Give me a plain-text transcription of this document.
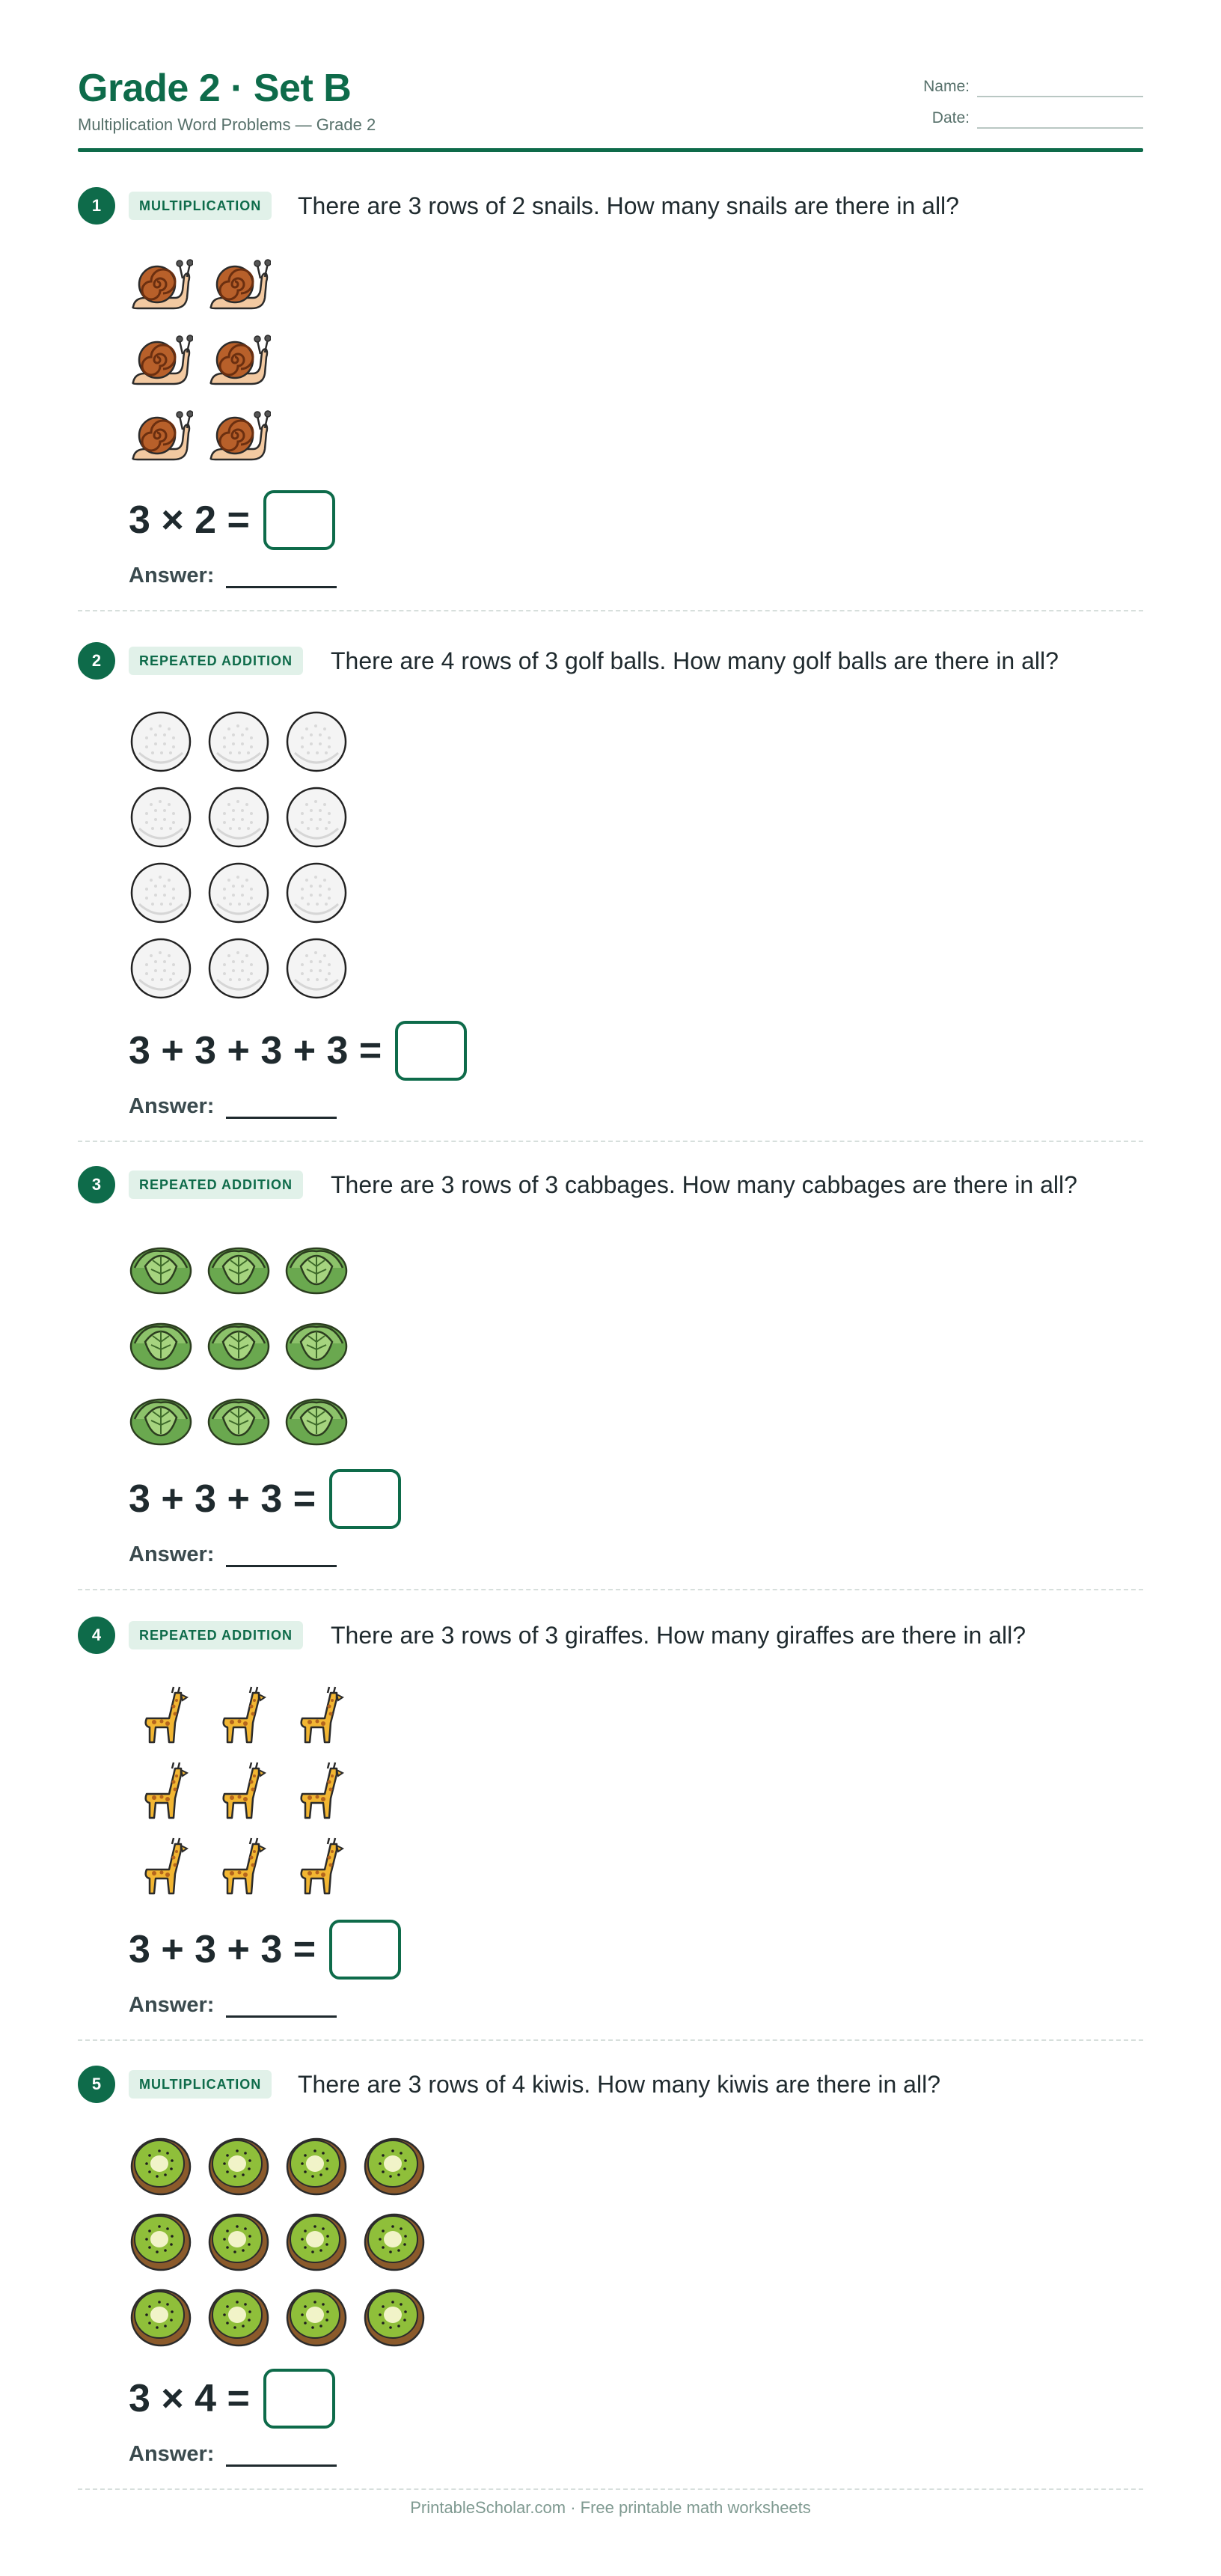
Grade 2 · Set B
Multiplication Word Problems — Grade 2
Name:
Date:
1	MULTIPLICATION	There are 3 rows of 2 snails. How many snails are there in all?
3 × 2 =
Answer:
2	REPEATED ADDITION	There are 4 rows of 3 golf balls. How many golf balls are there in all?
3 + 3 + 3 + 3 =
Answer:
3	REPEATED ADDITION	There are 3 rows of 3 cabbages. How many cabbages are there in all?
3 + 3 + 3 =
Answer:
4	REPEATED ADDITION	There are 3 rows of 3 giraffes. How many giraffes are there in all?
3 + 3 + 3 =
Answer:
5	MULTIPLICATION	There are 3 rows of 4 kiwis. How many kiwis are there in all?
3 × 4 =
Answer:
PrintableScholar.com · Free printable math worksheets
